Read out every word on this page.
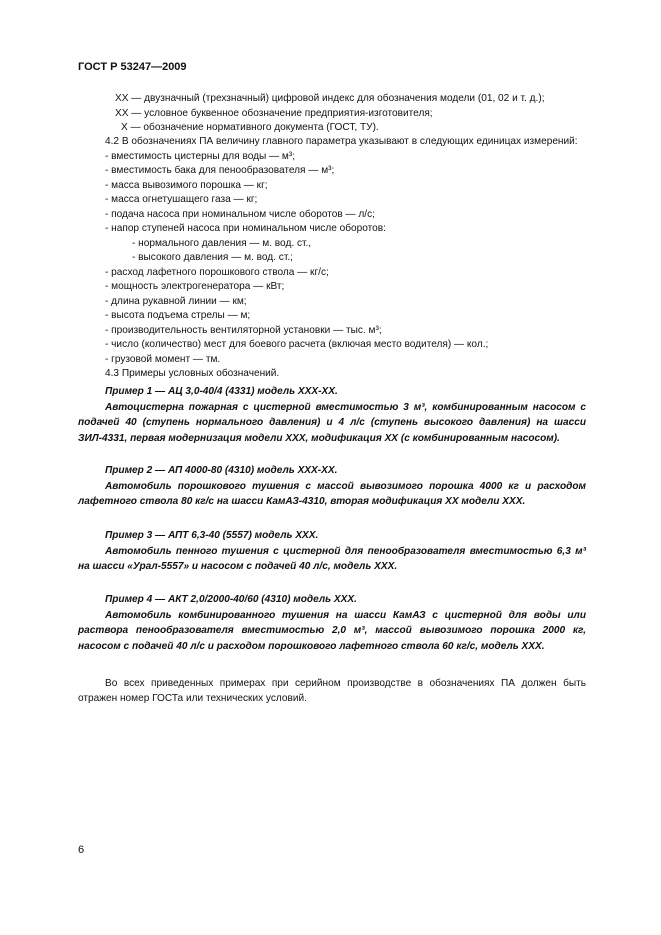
ГОСТ Р 53247—2009
XX — двузначный (трехзначный) цифровой индекс для обозначения модели (01, 02 и т. д.);
XX — условное буквенное обозначение предприятия-изготовителя;
X — обозначение нормативного документа (ГОСТ, ТУ).
4.2 В обозначениях ПА величину главного параметра указывают в следующих единицах измерений:
- вместимость цистерны для воды — м³;
- вместимость бака для пенообразователя — м³;
- масса вывозимого порошка — кг;
- масса огнетушащего газа — кг;
- подача насоса при номинальном числе оборотов — л/с;
- напор ступеней насоса при номинальном числе оборотов:
- нормального давления — м. вод. ст.,
- высокого давления — м. вод. ст.;
- расход лафетного порошкового ствола — кг/с;
- мощность электрогенератора — кВт;
- длина рукавной линии — км;
- высота подъема стрелы — м;
- производительность вентиляторной установки — тыс. м³;
- число (количество) мест для боевого расчета (включая место водителя) — кол.;
- грузовой момент — тм.
4.3 Примеры условных обозначений.
Пример 1 — АЦ 3,0-40/4 (4331) модель XXX-XX.
Автоцистерна пожарная с цистерной вместимостью 3 м³, комбинированным насосом с подачей 40 (ступень нормального давления) и 4 л/с (ступень высокого давления) на шасси ЗИЛ-4331, первая модернизация модели XXX, модификация XX (с комбинированным насосом).
Пример 2 — АП 4000-80 (4310) модель XXX-XX.
Автомобиль порошкового тушения с массой вывозимого порошка 4000 кг и расходом лафетного ствола 80 кг/с на шасси КамАЗ-4310, вторая модификация XX модели XXX.
Пример 3 — АПТ 6,3-40 (5557) модель XXX.
Автомобиль пенного тушения с цистерной для пенообразователя вместимостью 6,3 м³ на шасси «Урал-5557» и насосом с подачей 40 л/с, модель XXX.
Пример 4 — АКТ 2,0/2000-40/60 (4310) модель XXX.
Автомобиль комбинированного тушения на шасси КамАЗ с цистерной для воды или раствора пенообразователя вместимостью 2,0 м³, массой вывозимого порошка 2000 кг, насосом с подачей 40 л/с и расходом порошкового лафетного ствола 60 кг/с, модель XXX.
Во всех приведенных примерах при серийном производстве в обозначениях ПА должен быть отражен номер ГОСТа или технических условий.
6
